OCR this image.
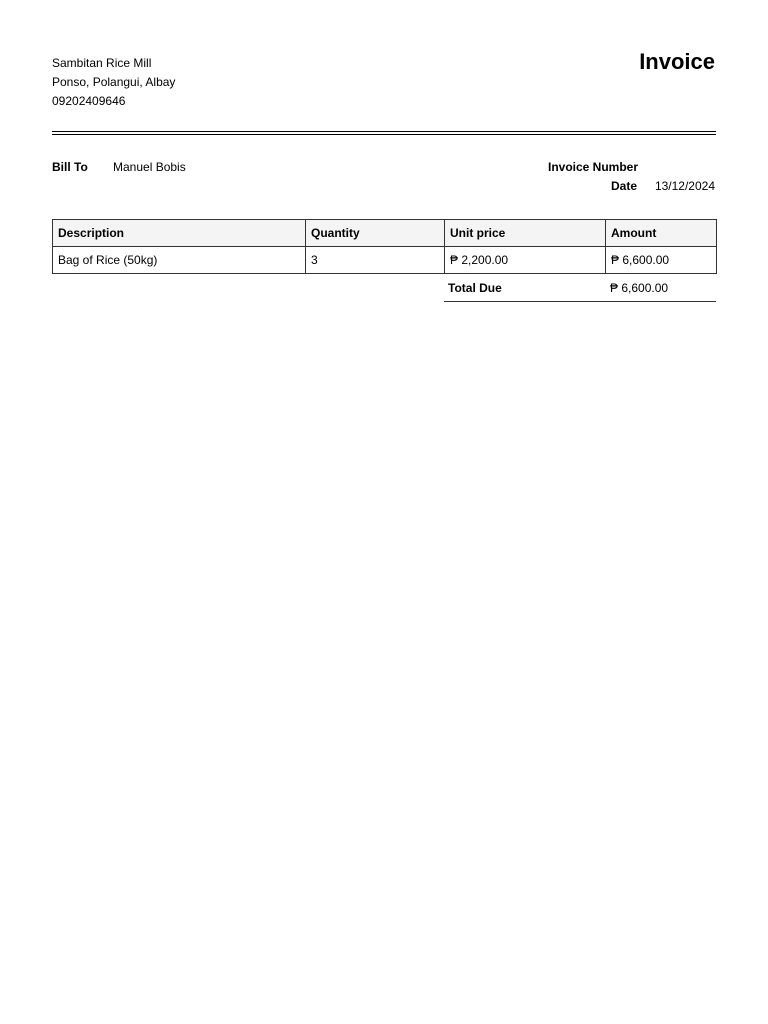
Sambitan Rice Mill
Ponso, Polangui, Albay
09202409646
Invoice
Bill To Manuel Bobis	Invoice Number
Date 13/12/2024
Description	Quantity	Unit price	Amount
Bag of Rice (50kg)	3	₱ 2,200.00	₱ 6,600.00
Total Due	₱ 6,600.00
